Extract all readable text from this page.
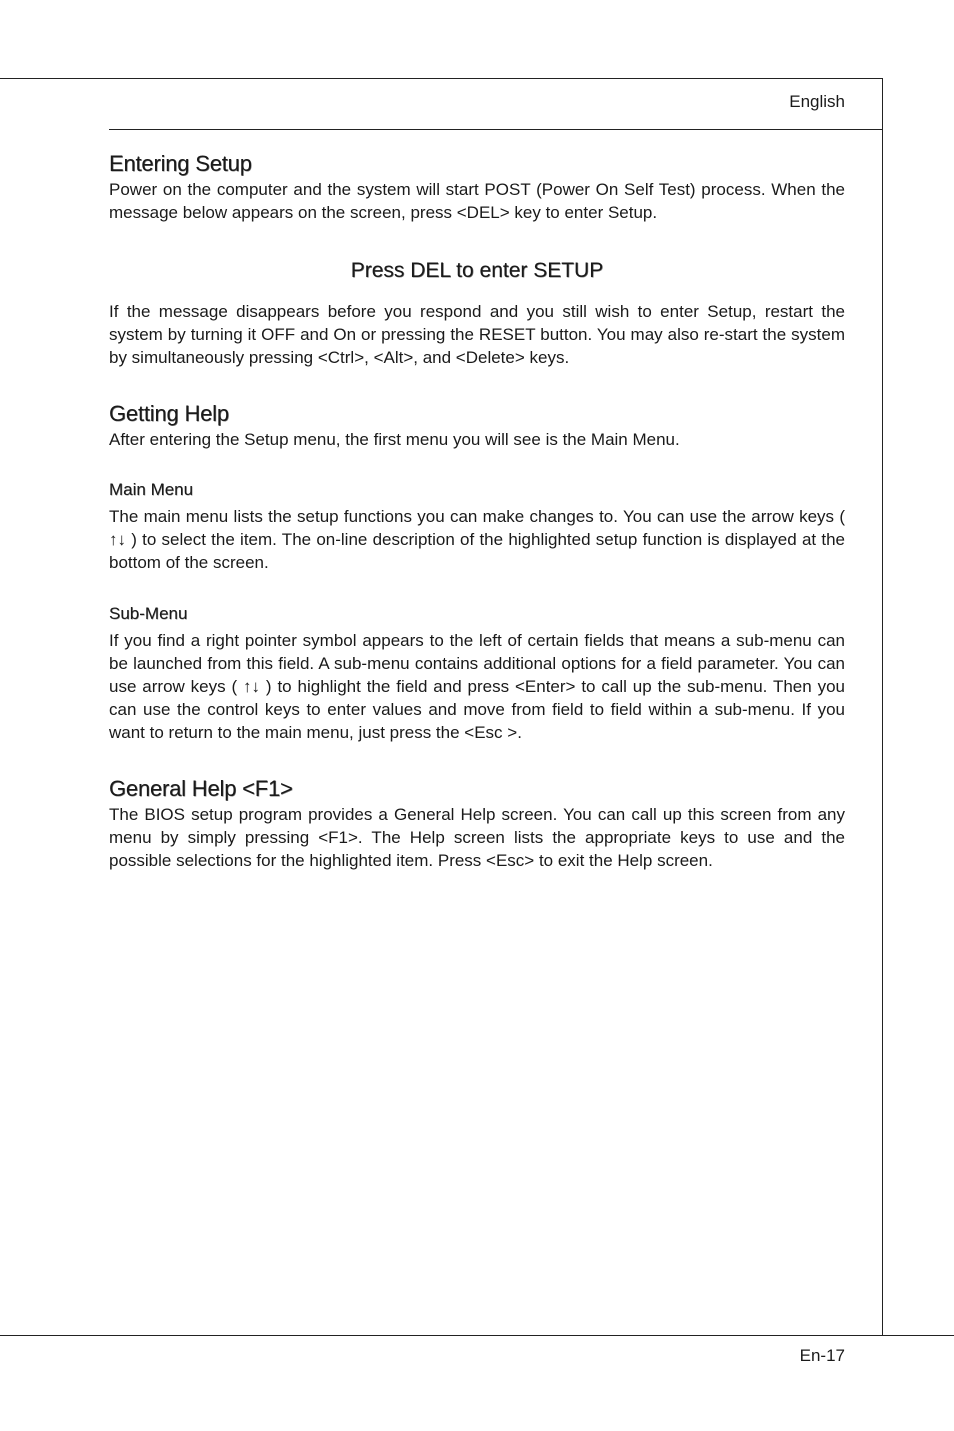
English
Entering Setup

Power on the computer and the system will start POST (Power On Self Test) process. When the message below appears on the screen, press <DEL> key to enter Setup.

Press DEL to enter SETUP

If the message disappears before you respond and you still wish to enter Setup, restart the system by turning it OFF and On or pressing the RESET button. You may also re-start the system by simultaneously pressing <Ctrl>, <Alt>, and <Delete> keys.

Getting Help

After entering the Setup menu, the first menu you will see is the Main Menu.

Main Menu

The main menu lists the setup functions you can make changes to. You can use the arrow keys ( ↑↓ ) to select the item. The on-line description of the highlighted setup function is displayed at the bottom of the screen.

Sub-Menu

If you find a right pointer symbol appears to the left of certain fields that means a sub-menu can be launched from this field. A sub-menu contains additional options for a field parameter. You can use arrow keys ( ↑↓ ) to highlight the field and press <Enter> to call up the sub-menu. Then you can use the control keys to enter values and move from field to field within a sub-menu. If you want to return to the main menu, just press the <Esc >.

General Help <F1>

The BIOS setup program provides a General Help screen. You can call up this screen from any menu by simply pressing <F1>. The Help screen lists the appropriate keys to use and the possible selections for the highlighted item. Press <Esc> to exit the Help screen.

En-17
